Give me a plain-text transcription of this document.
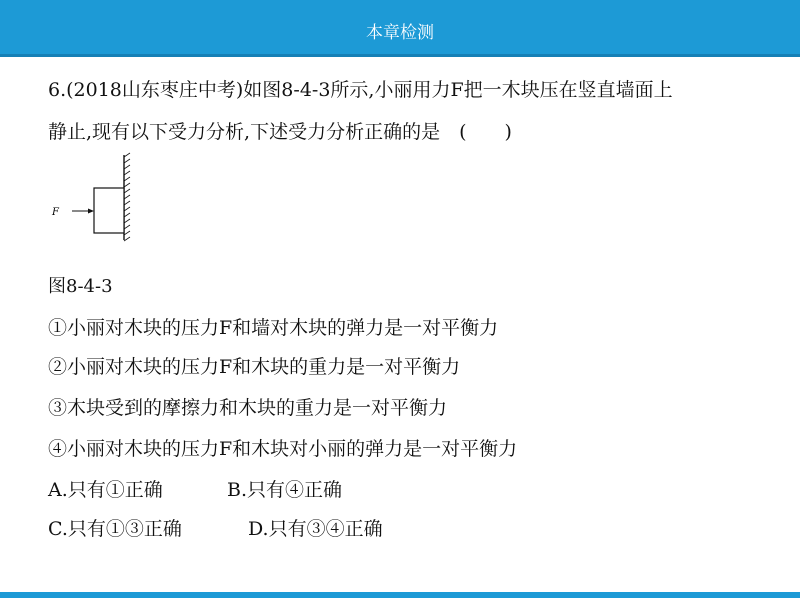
本章检测
6.(2018山东枣庄中考)如图8-4-3所示,小丽用力F把一木块压在竖直墙面上
静止,现有以下受力分析,下述受力分析正确的是　(　　)
F
图8-4-3
①小丽对木块的压力F和墙对木块的弹力是一对平衡力
②小丽对木块的压力F和木块的重力是一对平衡力
③木块受到的摩擦力和木块的重力是一对平衡力
④小丽对木块的压力F和木块对小丽的弹力是一对平衡力
A.只有①正确	B.只有④正确
C.只有①③正确	D.只有③④正确
